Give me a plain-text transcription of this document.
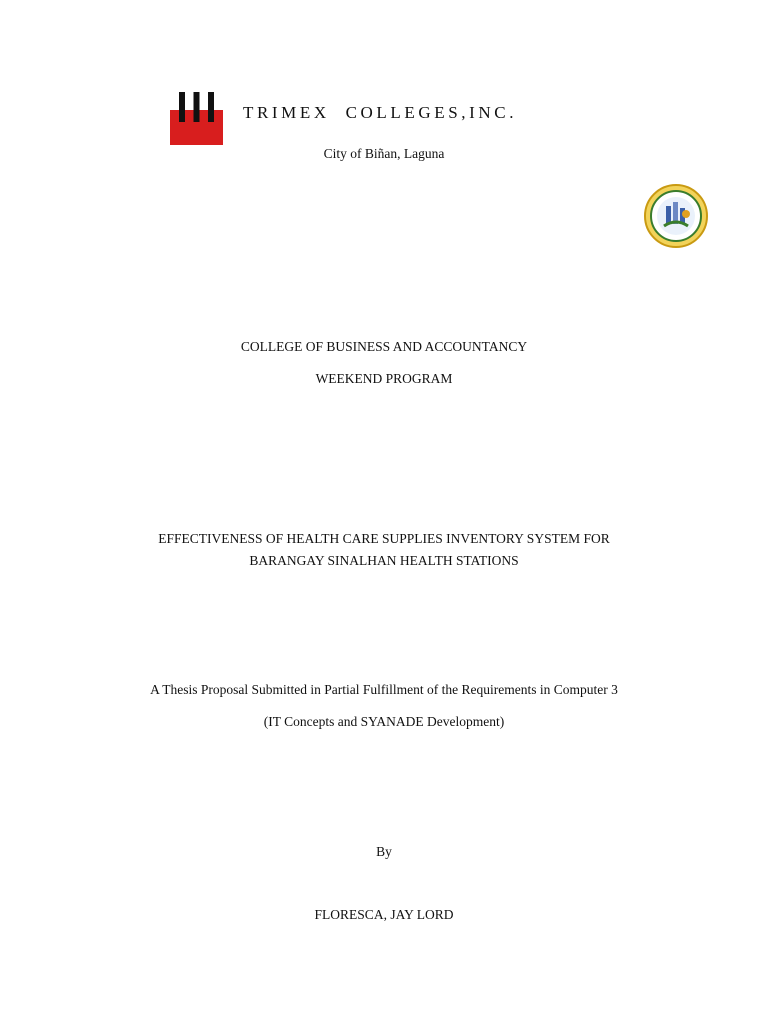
TRIMEX COLLEGES,INC.
City of Biñan, Laguna
COLLEGE OF BUSINESS AND ACCOUNTANCY
WEEKEND PROGRAM
EFFECTIVENESS OF HEALTH CARE SUPPLIES INVENTORY SYSTEM FOR
BARANGAY SINALHAN HEALTH STATIONS
A Thesis Proposal Submitted in Partial Fulfillment of the Requirements in Computer 3
(IT Concepts and SYANADE Development)
By
FLORESCA, JAY LORD
